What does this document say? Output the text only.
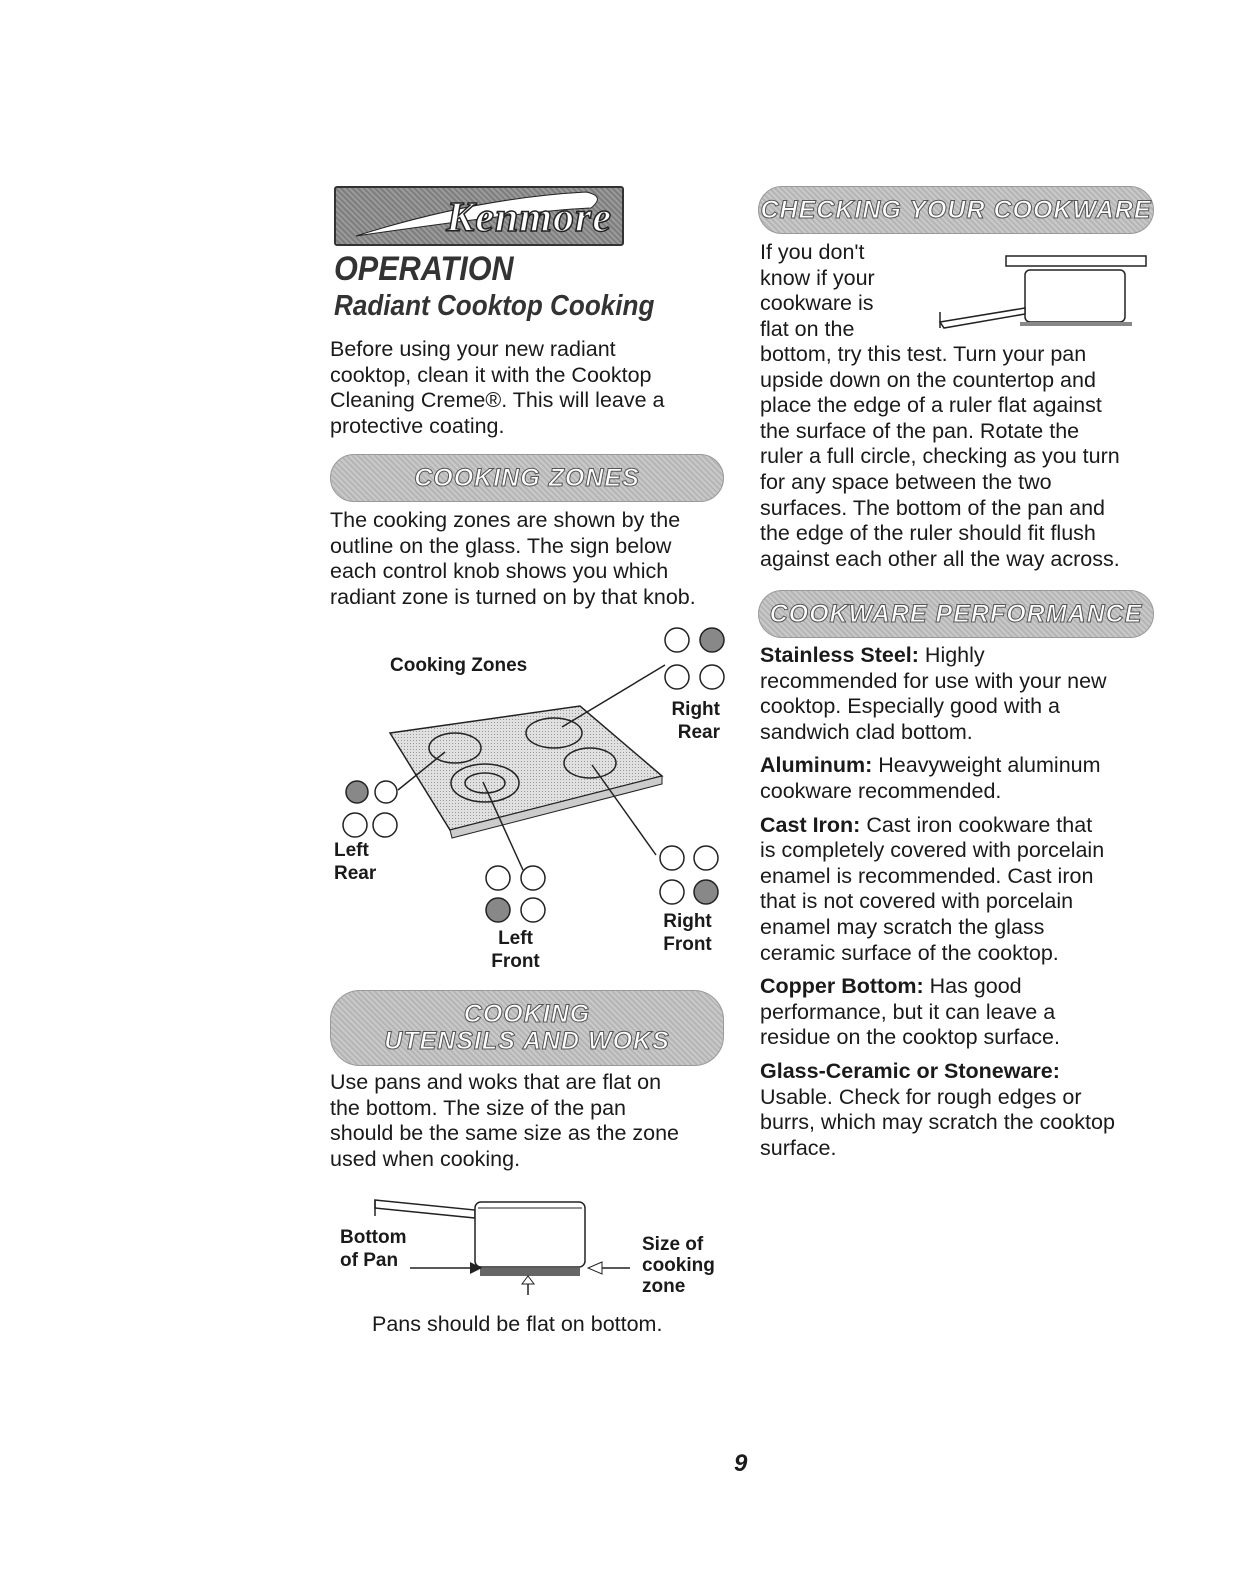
Kenmore
OPERATION
Radiant Cooktop Cooking

Before using your new radiant

cooktop, clean it with the Cooktop

Cleaning Creme®. This will leave a

protective coating.

COOKING ZONES

The cooking zones are shown by the

outline on the glass. The sign below

each control knob shows you which

radiant zone is turned on by that knob.

Cooking Zones
Right
Rear
Left
Rear
Left
Front
Right
Front
COOKING
UTENSILS AND WOKS

Use pans and woks that are flat on

the bottom. The size of the pan

should be the same size as the zone

used when cooking.

Bottom
of Pan
Size of
cooking
zone

Pans should be flat on bottom.

CHECKING YOUR COOKWARE

If you don't

know if your

cookware is

flat on the

bottom, try this test. Turn your pan

upside down on the countertop and

place the edge of a ruler flat against

the surface of the pan. Rotate the

ruler a full circle, checking as you turn

for any space between the two

surfaces. The bottom of the pan and

the edge of the ruler should fit flush

against each other all the way across.

COOKWARE PERFORMANCE

Stainless Steel: Highly

recommended for use with your new

cooktop. Especially good with a

sandwich clad bottom.

Aluminum: Heavyweight aluminum

cookware recommended.

Cast Iron: Cast iron cookware that

is completely covered with porcelain

enamel is recommended. Cast iron

that is not covered with porcelain

enamel may scratch the glass

ceramic surface of the cooktop.

Copper Bottom: Has good

performance, but it can leave a

residue on the cooktop surface.

Glass-Ceramic or Stoneware:

Usable. Check for rough edges or

burrs, which may scratch the cooktop

surface.

9
